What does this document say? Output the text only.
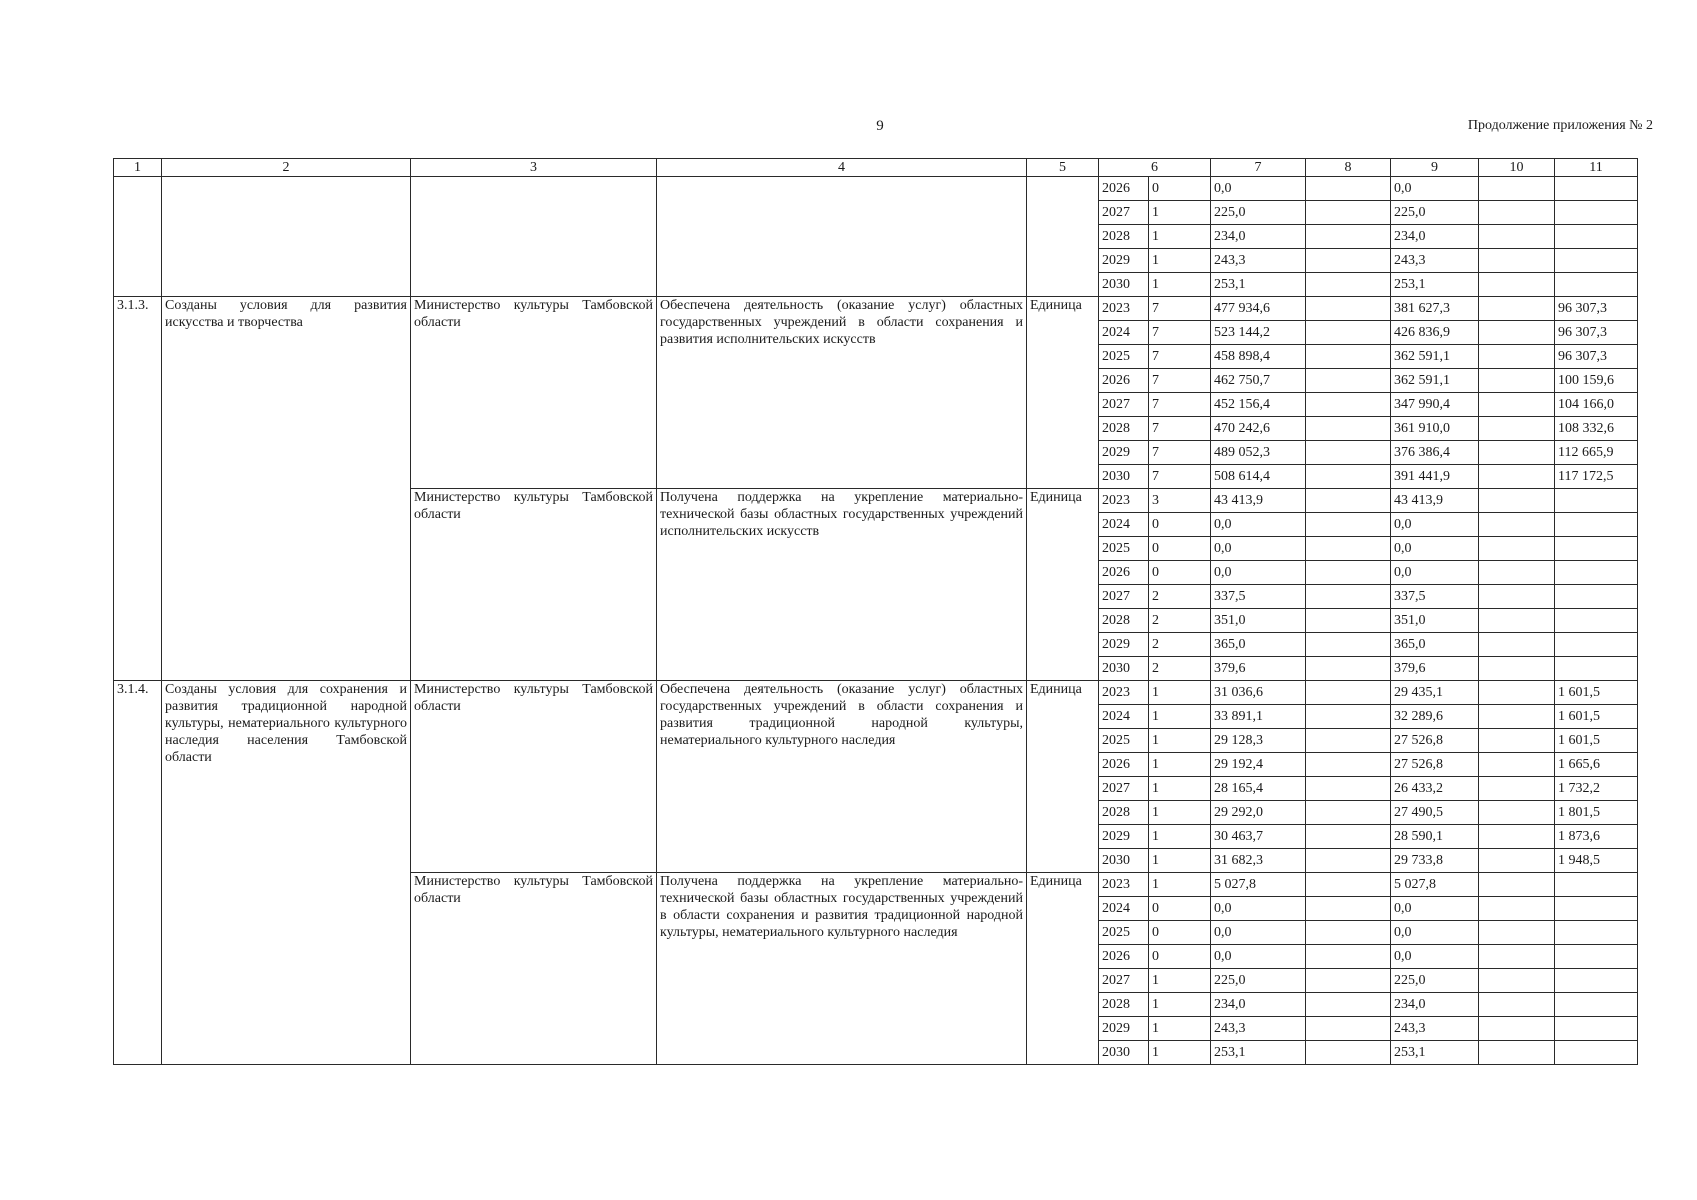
9	Продолжение приложения № 2
1	2	3	4	5	6		7	8	9	10	11
					2026	0	0,0		0,0		
					2027	1	225,0		225,0		
					2028	1	234,0		234,0		
					2029	1	243,3		243,3		
					2030	1	253,1		253,1		
3.1.3.	Созданы условия для развития искусства и творчества	Министерство культуры Тамбовской области	Обеспечена деятельность (оказание услуг) областных государственных учреждений в области сохранения и развития исполнительских искусств	Единица	2023	7	477 934,6		381 627,3		96 307,3
					2024	7	523 144,2		426 836,9		96 307,3
					2025	7	458 898,4		362 591,1		96 307,3
					2026	7	462 750,7		362 591,1		100 159,6
					2027	7	452 156,4		347 990,4		104 166,0
					2028	7	470 242,6		361 910,0		108 332,6
					2029	7	489 052,3		376 386,4		112 665,9
					2030	7	508 614,4		391 441,9		117 172,5
		Министерство культуры Тамбовской области	Получена поддержка на укрепление материально-технической базы областных государственных учреждений исполнительских искусств	Единица	2023	3	43 413,9		43 413,9		
					2024	0	0,0		0,0		
					2025	0	0,0		0,0		
					2026	0	0,0		0,0		
					2027	2	337,5		337,5		
					2028	2	351,0		351,0		
					2029	2	365,0		365,0		
					2030	2	379,6		379,6		
3.1.4.	Созданы условия для сохранения и развития традиционной народной культуры, нематериального культурного наследия населения Тамбовской области	Министерство культуры Тамбовской области	Обеспечена деятельность (оказание услуг) областных государственных учреждений в области сохранения и развития традиционной народной культуры, нематериального культурного наследия	Единица	2023	1	31 036,6		29 435,1		1 601,5
					2024	1	33 891,1		32 289,6		1 601,5
					2025	1	29 128,3		27 526,8		1 601,5
					2026	1	29 192,4		27 526,8		1 665,6
					2027	1	28 165,4		26 433,2		1 732,2
					2028	1	29 292,0		27 490,5		1 801,5
					2029	1	30 463,7		28 590,1		1 873,6
					2030	1	31 682,3		29 733,8		1 948,5
		Министерство культуры Тамбовской области	Получена поддержка на укрепление материально-технической базы областных государственных учреждений в области сохранения и развития традиционной народной культуры, нематериального культурного наследия	Единица	2023	1	5 027,8		5 027,8		
					2024	0	0,0		0,0		
					2025	0	0,0		0,0		
					2026	0	0,0		0,0		
					2027	1	225,0		225,0		
					2028	1	234,0		234,0		
					2029	1	243,3		243,3		
					2030	1	253,1		253,1		
